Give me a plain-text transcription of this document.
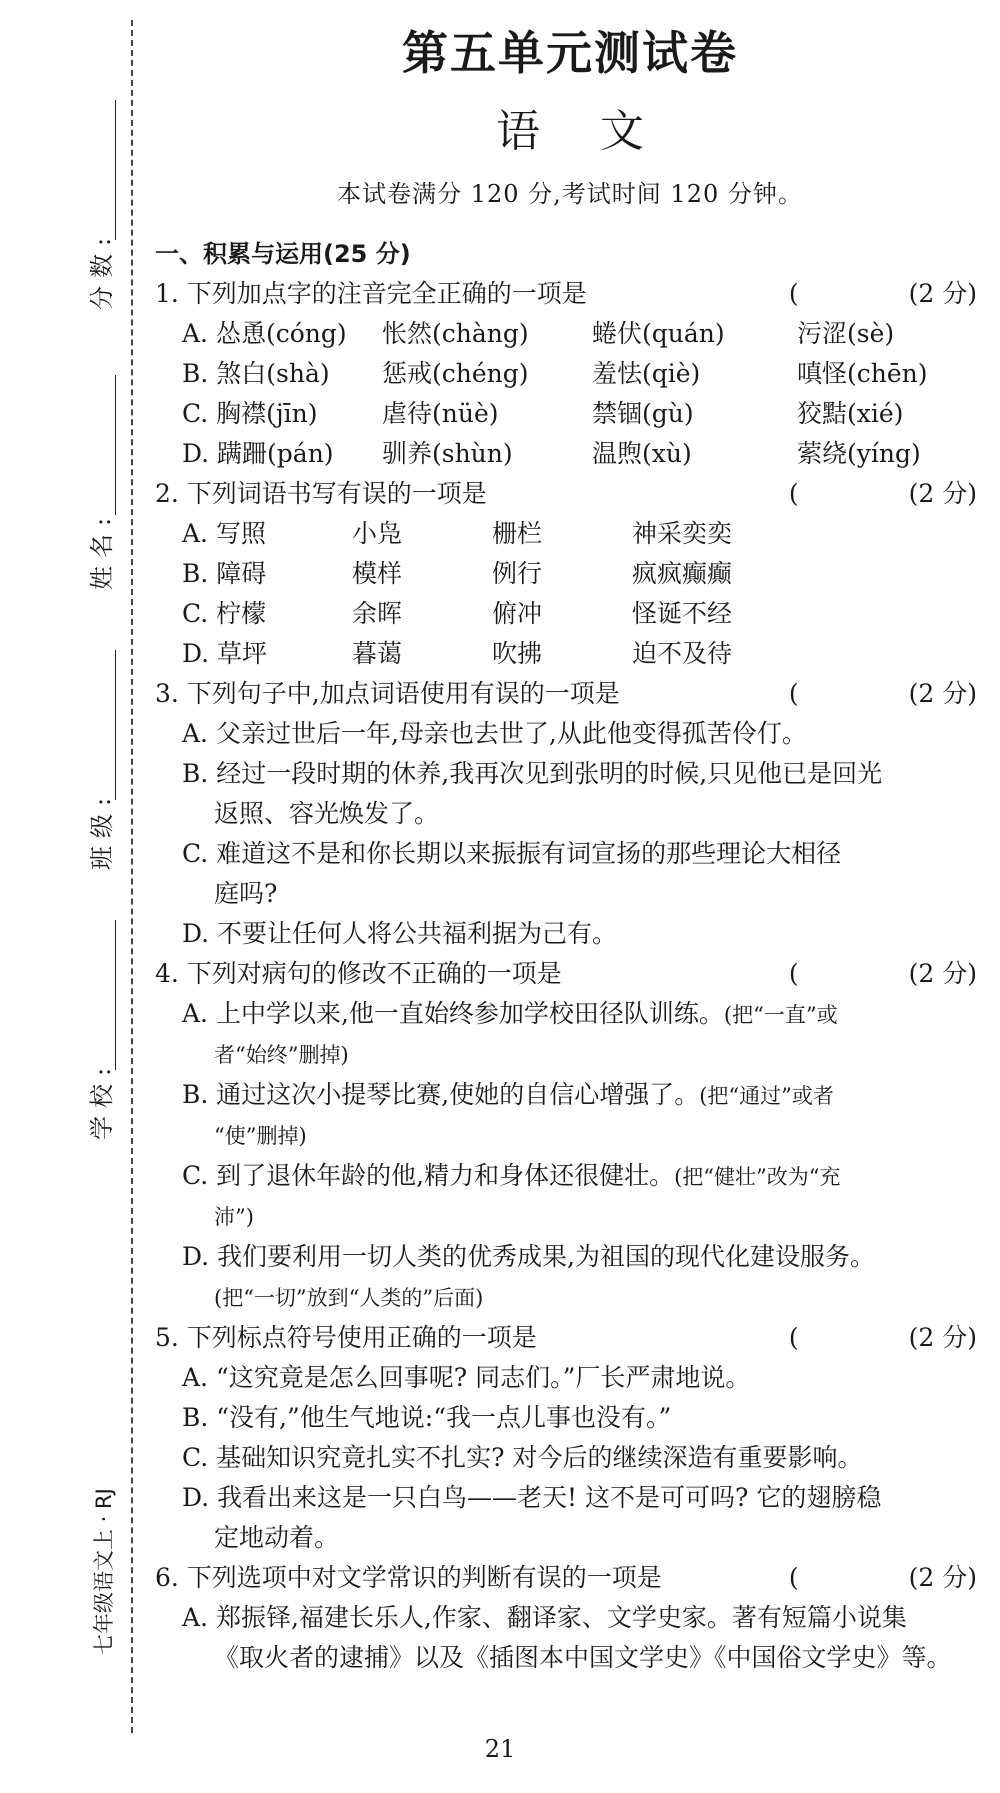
分数:
姓名:
班级:
学校:
七年级语文上 · RJ
第五单元测试卷
语文
本试卷满分 120 分,考试时间 120 分钟。
一、积累与运用(25 分)
1. 下列加点字的注音完全正确的一项是	(	(2 分)
A. 怂恿(cóng)	怅然(chàng)	蜷伏(quán)	污涩(sè)
B. 煞白(shà)	惩戒(chéng)	羞怯(qiè)	嗔怪(chēn)
C. 胸襟(jīn)	虐待(nüè)	禁锢(gù)	狡黠(xié)
D. 蹒跚(pán)	驯养(shùn)	温煦(xù)	萦绕(yíng)
2. 下列词语书写有误的一项是	(	(2 分)
A. 写照	小凫	栅栏	神采奕奕
B. 障碍	模样	例行	疯疯癫癫
C. 柠檬	余晖	俯冲	怪诞不经
D. 草坪	暮蔼	吹拂	迫不及待
3. 下列句子中,加点词语使用有误的一项是	(	(2 分)
A. 父亲过世后一年,母亲也去世了,从此他变得孤苦伶仃。
B. 经过一段时期的休养,我再次见到张明的时候,只见他已是回光
返照、容光焕发了。
C. 难道这不是和你长期以来振振有词宣扬的那些理论大相径
庭吗?
D. 不要让任何人将公共福利据为己有。
4. 下列对病句的修改不正确的一项是	(	(2 分)
A. 上中学以来,他一直始终参加学校田径队训练。(把“一直”或
者“始终”删掉)
B. 通过这次小提琴比赛,使她的自信心增强了。(把“通过”或者
“使”删掉)
C. 到了退休年龄的他,精力和身体还很健壮。(把“健壮”改为“充
沛”)
D. 我们要利用一切人类的优秀成果,为祖国的现代化建设服务。
(把“一切”放到“人类的”后面)
5. 下列标点符号使用正确的一项是	(	(2 分)
A. “这究竟是怎么回事呢? 同志们。”厂长严肃地说。
B. “没有,”他生气地说:“我一点儿事也没有。”
C. 基础知识究竟扎实不扎实? 对今后的继续深造有重要影响。
D. 我看出来这是一只白鸟——老天! 这不是可可吗? 它的翅膀稳
定地动着。
6. 下列选项中对文学常识的判断有误的一项是	(	(2 分)
A. 郑振铎,福建长乐人,作家、翻译家、文学史家。著有短篇小说集
《取火者的逮捕》以及《插图本中国文学史》《中国俗文学史》等。
21
